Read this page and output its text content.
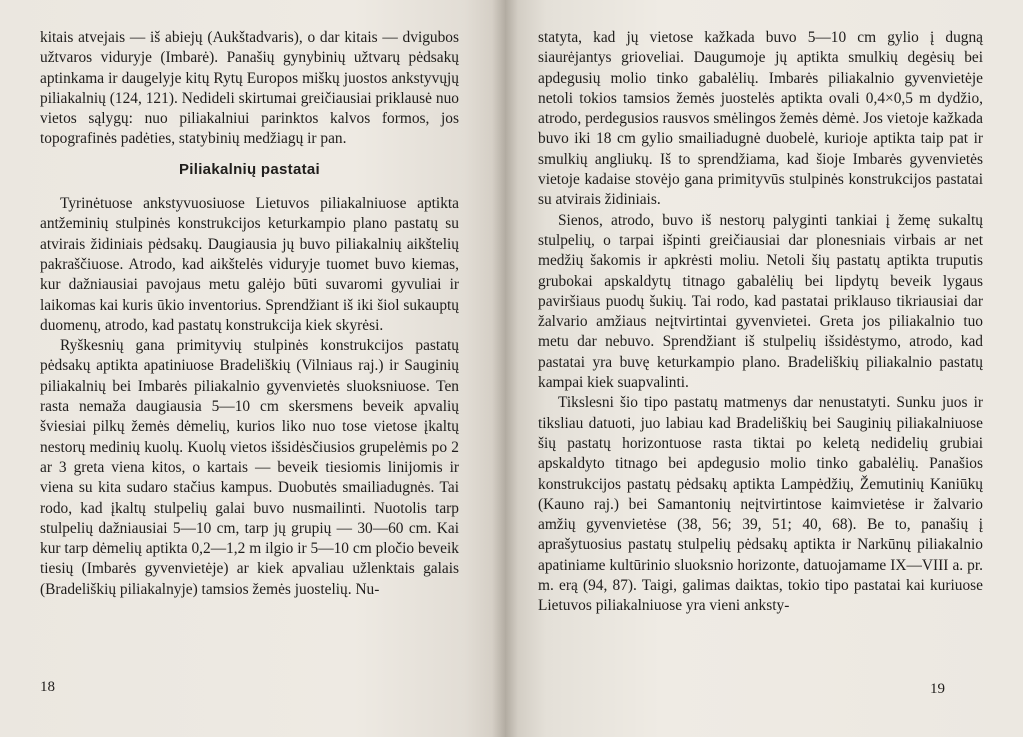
kitais atvejais — iš abiejų (Aukštadvaris), o dar kitais — dvigubos užtvaros viduryje (Imbarė). Panašių gynybinių užtvarų pėdsakų aptinkama ir daugelyje kitų Rytų Europos miškų juostos ankstyvųjų piliakalnių (124, 121). Nedideli skirtumai greičiausiai priklausė nuo vietos sąlygų: nuo piliakalniui parinktos kalvos formos, jos topografinės padėties, statybinių medžiagų ir pan.

Piliakalnių pastatai

Tyrinėtuose ankstyvuosiuose Lietuvos piliakalniuose aptikta antžeminių stulpinės konstrukcijos keturkampio plano pastatų su atvirais židiniais pėdsakų. Daugiausia jų buvo piliakalnių aikštelių pakraščiuose. Atrodo, kad aikštelės viduryje tuomet buvo kiemas, kur dažniausiai pavojaus metu galėjo būti suvaromi gyvuliai ir laikomas kai kuris ūkio inventorius. Sprendžiant iš iki šiol sukauptų duomenų, atrodo, kad pastatų konstrukcija kiek skyrėsi.

Ryškesnių gana primityvių stulpinės konstrukcijos pastatų pėdsakų aptikta apatiniuose Bradeliškių (Vilniaus raj.) ir Sauginių piliakalnių bei Imbarės piliakalnio gyvenvietės sluoksniuose. Ten rasta nemaža daugiausia 5—10 cm skersmens beveik apvalių šviesiai pilkų žemės dėmelių, kurios liko nuo tose vietose įkaltų nestorų medinių kuolų. Kuolų vietos išsidėsčiusios grupelėmis po 2 ar 3 greta viena kitos, o kartais — beveik tiesiomis linijomis ir viena su kita sudaro stačius kampus. Duobutės smailiadugnės. Tai rodo, kad įkaltų stulpelių galai buvo nusmailinti. Nuotolis tarp stulpelių dažniausiai 5—10 cm, tarp jų grupių — 30—60 cm. Kai kur tarp dėmelių aptikta 0,2—1,2 m ilgio ir 5—10 cm pločio beveik tiesių (Imbarės gyvenvietėje) ar kiek apvaliau užlenktais galais (Bradeliškių piliakalnyje) tamsios žemės juostelių. Nu-

18

statyta, kad jų vietose kažkada buvo 5—10 cm gylio į dugną siaurėjantys grioveliai. Daugumoje jų aptikta smulkių degėsių bei apdegusių molio tinko gabalėlių. Imbarės piliakalnio gyvenvietėje netoli tokios tamsios žemės juostelės aptikta ovali 0,4×0,5 m dydžio, atrodo, perdegusios rausvos smėlingos žemės dėmė. Jos vietoje kažkada buvo iki 18 cm gylio smailiadugnė duobelė, kurioje aptikta taip pat ir smulkių angliukų. Iš to sprendžiama, kad šioje Imbarės gyvenvietės vietoje kadaise stovėjo gana primityvūs stulpinės konstrukcijos pastatai su atvirais židiniais.

Sienos, atrodo, buvo iš nestorų palyginti tankiai į žemę sukaltų stulpelių, o tarpai išpinti greičiausiai dar plonesniais virbais ar net medžių šakomis ir apkrėsti moliu. Netoli šių pastatų aptikta truputis grubokai apskaldytų titnago gabalėlių bei lipdytų beveik lygaus paviršiaus puodų šukių. Tai rodo, kad pastatai priklauso tikriausiai dar žalvario amžiaus neįtvirtintai gyvenvietei. Greta jos piliakalnio tuo metu dar nebuvo. Sprendžiant iš stulpelių išsidėstymo, atrodo, kad pastatai yra buvę keturkampio plano. Bradeliškių piliakalnio pastatų kampai kiek suapvalinti.

Tikslesni šio tipo pastatų matmenys dar nenustatyti. Sunku juos ir tiksliau datuoti, juo labiau kad Bradeliškių bei Sauginių piliakalniuose šių pastatų horizontuose rasta tiktai po keletą nedidelių grubiai apskaldyto titnago bei apdegusio molio tinko gabalėlių. Panašios konstrukcijos pastatų pėdsakų aptikta Lampėdžių, Žemutinių Kaniūkų (Kauno raj.) bei Samantonių neįtvirtintose kaimvietėse ir žalvario amžių gyvenvietėse (38, 56; 39, 51; 40, 68). Be to, panašių į aprašytuosius pastatų stulpelių pėdsakų aptikta ir Narkūnų piliakalnio apatiniame kultūrinio sluoksnio horizonte, datuojamame IX—VIII a. pr. m. erą (94, 87). Taigi, galimas daiktas, tokio tipo pastatai kai kuriuose Lietuvos piliakalniuose yra vieni anksty-

19
